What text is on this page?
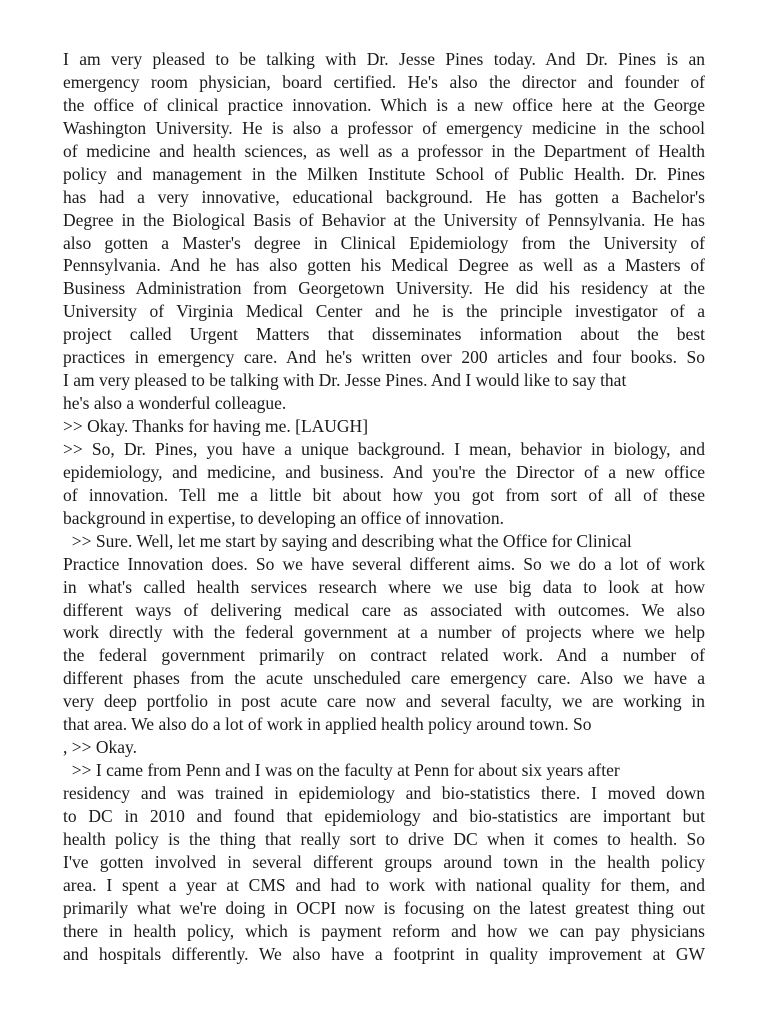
I am very pleased to be talking with Dr. Jesse Pines today. And Dr. Pines is an
emergency room physician, board certified. He's also the director and founder of
the office of clinical practice innovation. Which is a new office here at the George
Washington University. He is also a professor of emergency medicine in the school
of medicine and health sciences, as well as a professor in the Department of Health
policy and management in the Milken Institute School of Public Health. Dr. Pines
has had a very innovative, educational background. He has gotten a Bachelor's
Degree in the Biological Basis of Behavior at the University of Pennsylvania. He has
also gotten a Master's degree in Clinical Epidemiology from the University of
Pennsylvania. And he has also gotten his Medical Degree as well as a Masters of
Business Administration from Georgetown University. He did his residency at the
University of Virginia Medical Center and he is the principle investigator of a
project called Urgent Matters that disseminates information about the best
practices in emergency care. And he's written over 200 articles and four books. So
I am very pleased to be talking with Dr. Jesse Pines. And I would like to say that
he's also a wonderful colleague.
>> Okay. Thanks for having me. [LAUGH]
>> So, Dr. Pines, you have a unique background. I mean, behavior in biology, and
epidemiology, and medicine, and business. And you're the Director of a new office
of innovation. Tell me a little bit about how you got from sort of all of these
background in expertise, to developing an office of innovation.
>> Sure. Well, let me start by saying and describing what the Office for Clinical
Practice Innovation does. So we have several different aims. So we do a lot of work
in what's called health services research where we use big data to look at how
different ways of delivering medical care as associated with outcomes. We also
work directly with the federal government at a number of projects where we help
the federal government primarily on contract related work. And a number of
different phases from the acute unscheduled care emergency care. Also we have a
very deep portfolio in post acute care now and several faculty, we are working in
that area. We also do a lot of work in applied health policy around town. So
, >> Okay.
>> I came from Penn and I was on the faculty at Penn for about six years after
residency and was trained in epidemiology and bio-statistics there. I moved down
to DC in 2010 and found that epidemiology and bio-statistics are important but
health policy is the thing that really sort to drive DC when it comes to health. So
I've gotten involved in several different groups around town in the health policy
area. I spent a year at CMS and had to work with national quality for them, and
primarily what we're doing in OCPI now is focusing on the latest greatest thing out
there in health policy, which is payment reform and how we can pay physicians
and hospitals differently. We also have a footprint in quality improvement at GW
